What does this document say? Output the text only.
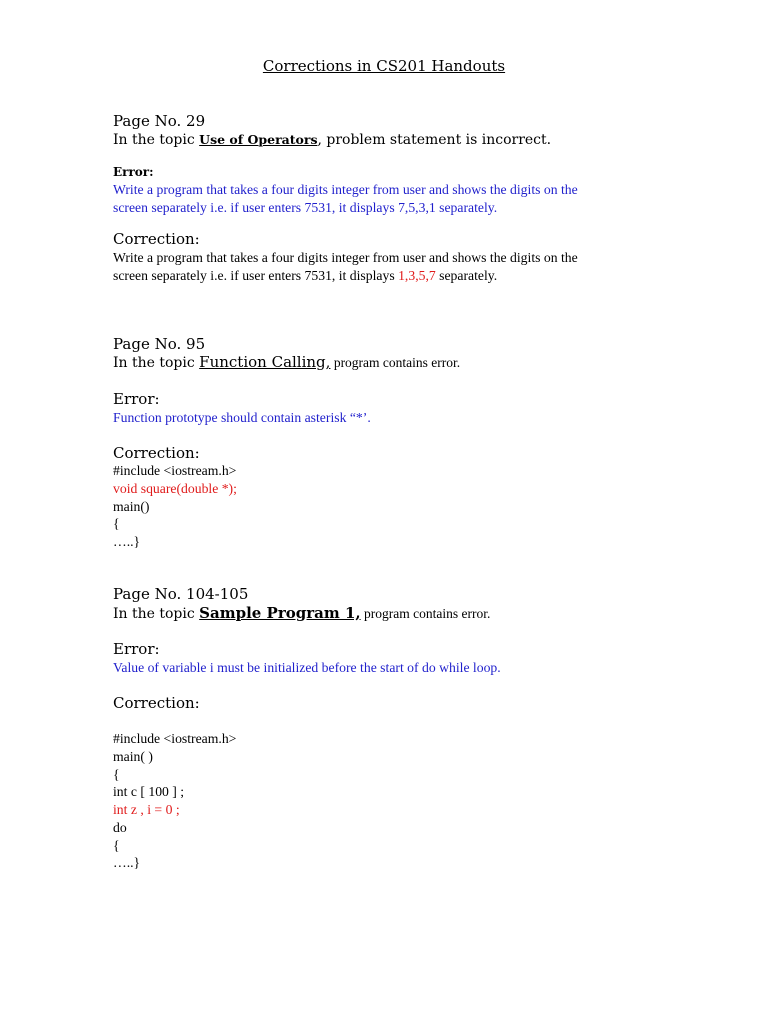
Corrections in CS201 Handouts
Page No. 29
In the topic Use of Operators, problem statement is incorrect.
Error:
Write a program that takes a four digits integer from user and shows the digits on the
screen separately i.e. if user enters 7531, it displays 7,5,3,1 separately.
Correction:
Write a program that takes a four digits integer from user and shows the digits on the
screen separately i.e. if user enters 7531, it displays 1,3,5,7 separately.
Page No. 95
In the topic Function Calling, program contains error.
Error:
Function prototype should contain asterisk “*’.
Correction:
#include <iostream.h>
void square(double *);
main()
{
…..}
Page No. 104-105
In the topic Sample Program 1, program contains error.
Error:
Value of variable i must be initialized before the start of do while loop.
Correction:
#include <iostream.h>
main( )
{
int c [ 100 ] ;
int z , i = 0 ;
do
{
…..}
